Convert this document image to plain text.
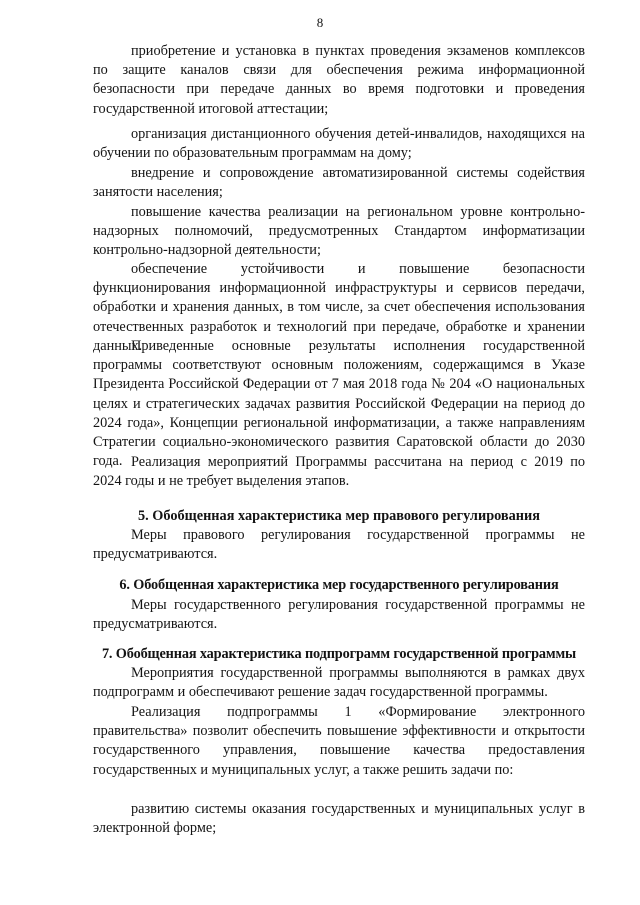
8
приобретение и установка в пунктах проведения экзаменов комплексов по защите каналов связи для обеспечения режима информационной безопасности при передаче данных во время подготовки и проведения государственной итоговой аттестации;
организация дистанционного обучения детей-инвалидов, находящихся на обучении по образовательным программам на дому;
внедрение и сопровождение автоматизированной системы содействия занятости населения;
повышение качества реализации на региональном уровне контрольно-надзорных полномочий, предусмотренных Стандартом информатизации контрольно-надзорной деятельности;
обеспечение устойчивости и повышение безопасности функционирования информационной инфраструктуры и сервисов передачи, обработки и хранения данных, в том числе, за счет обеспечения использования отечественных разработок и технологий при передаче, обработке и хранении данных.
Приведенные основные результаты исполнения государственной программы соответствуют основным положениям, содержащимся в Указе Президента Российской Федерации от 7 мая 2018 года № 204 «О национальных целях и стратегических задачах развития Российской Федерации на период до 2024 года», Концепции региональной информатизации, а также направлениям Стратегии социально-экономического развития Саратовской области до 2030 года. Реализация мероприятий Программы рассчитана на период с 2019 по 2024 годы и не требует выделения этапов.
5. Обобщенная характеристика мер правового регулирования
Меры правового регулирования государственной программы не предусматриваются.
6. Обобщенная характеристика мер государственного регулирования
Меры государственного регулирования государственной программы не предусматриваются.
7. Обобщенная характеристика подпрограмм государственной программы
Мероприятия государственной программы выполняются в рамках двух подпрограмм и обеспечивают решение задач государственной программы.
Реализация подпрограммы 1 «Формирование электронного правительства» позволит обеспечить повышение эффективности и открытости государственного управления, повышение качества предоставления государственных и муниципальных услуг, а также решить задачи по:
развитию системы оказания государственных и муниципальных услуг в электронной форме;
